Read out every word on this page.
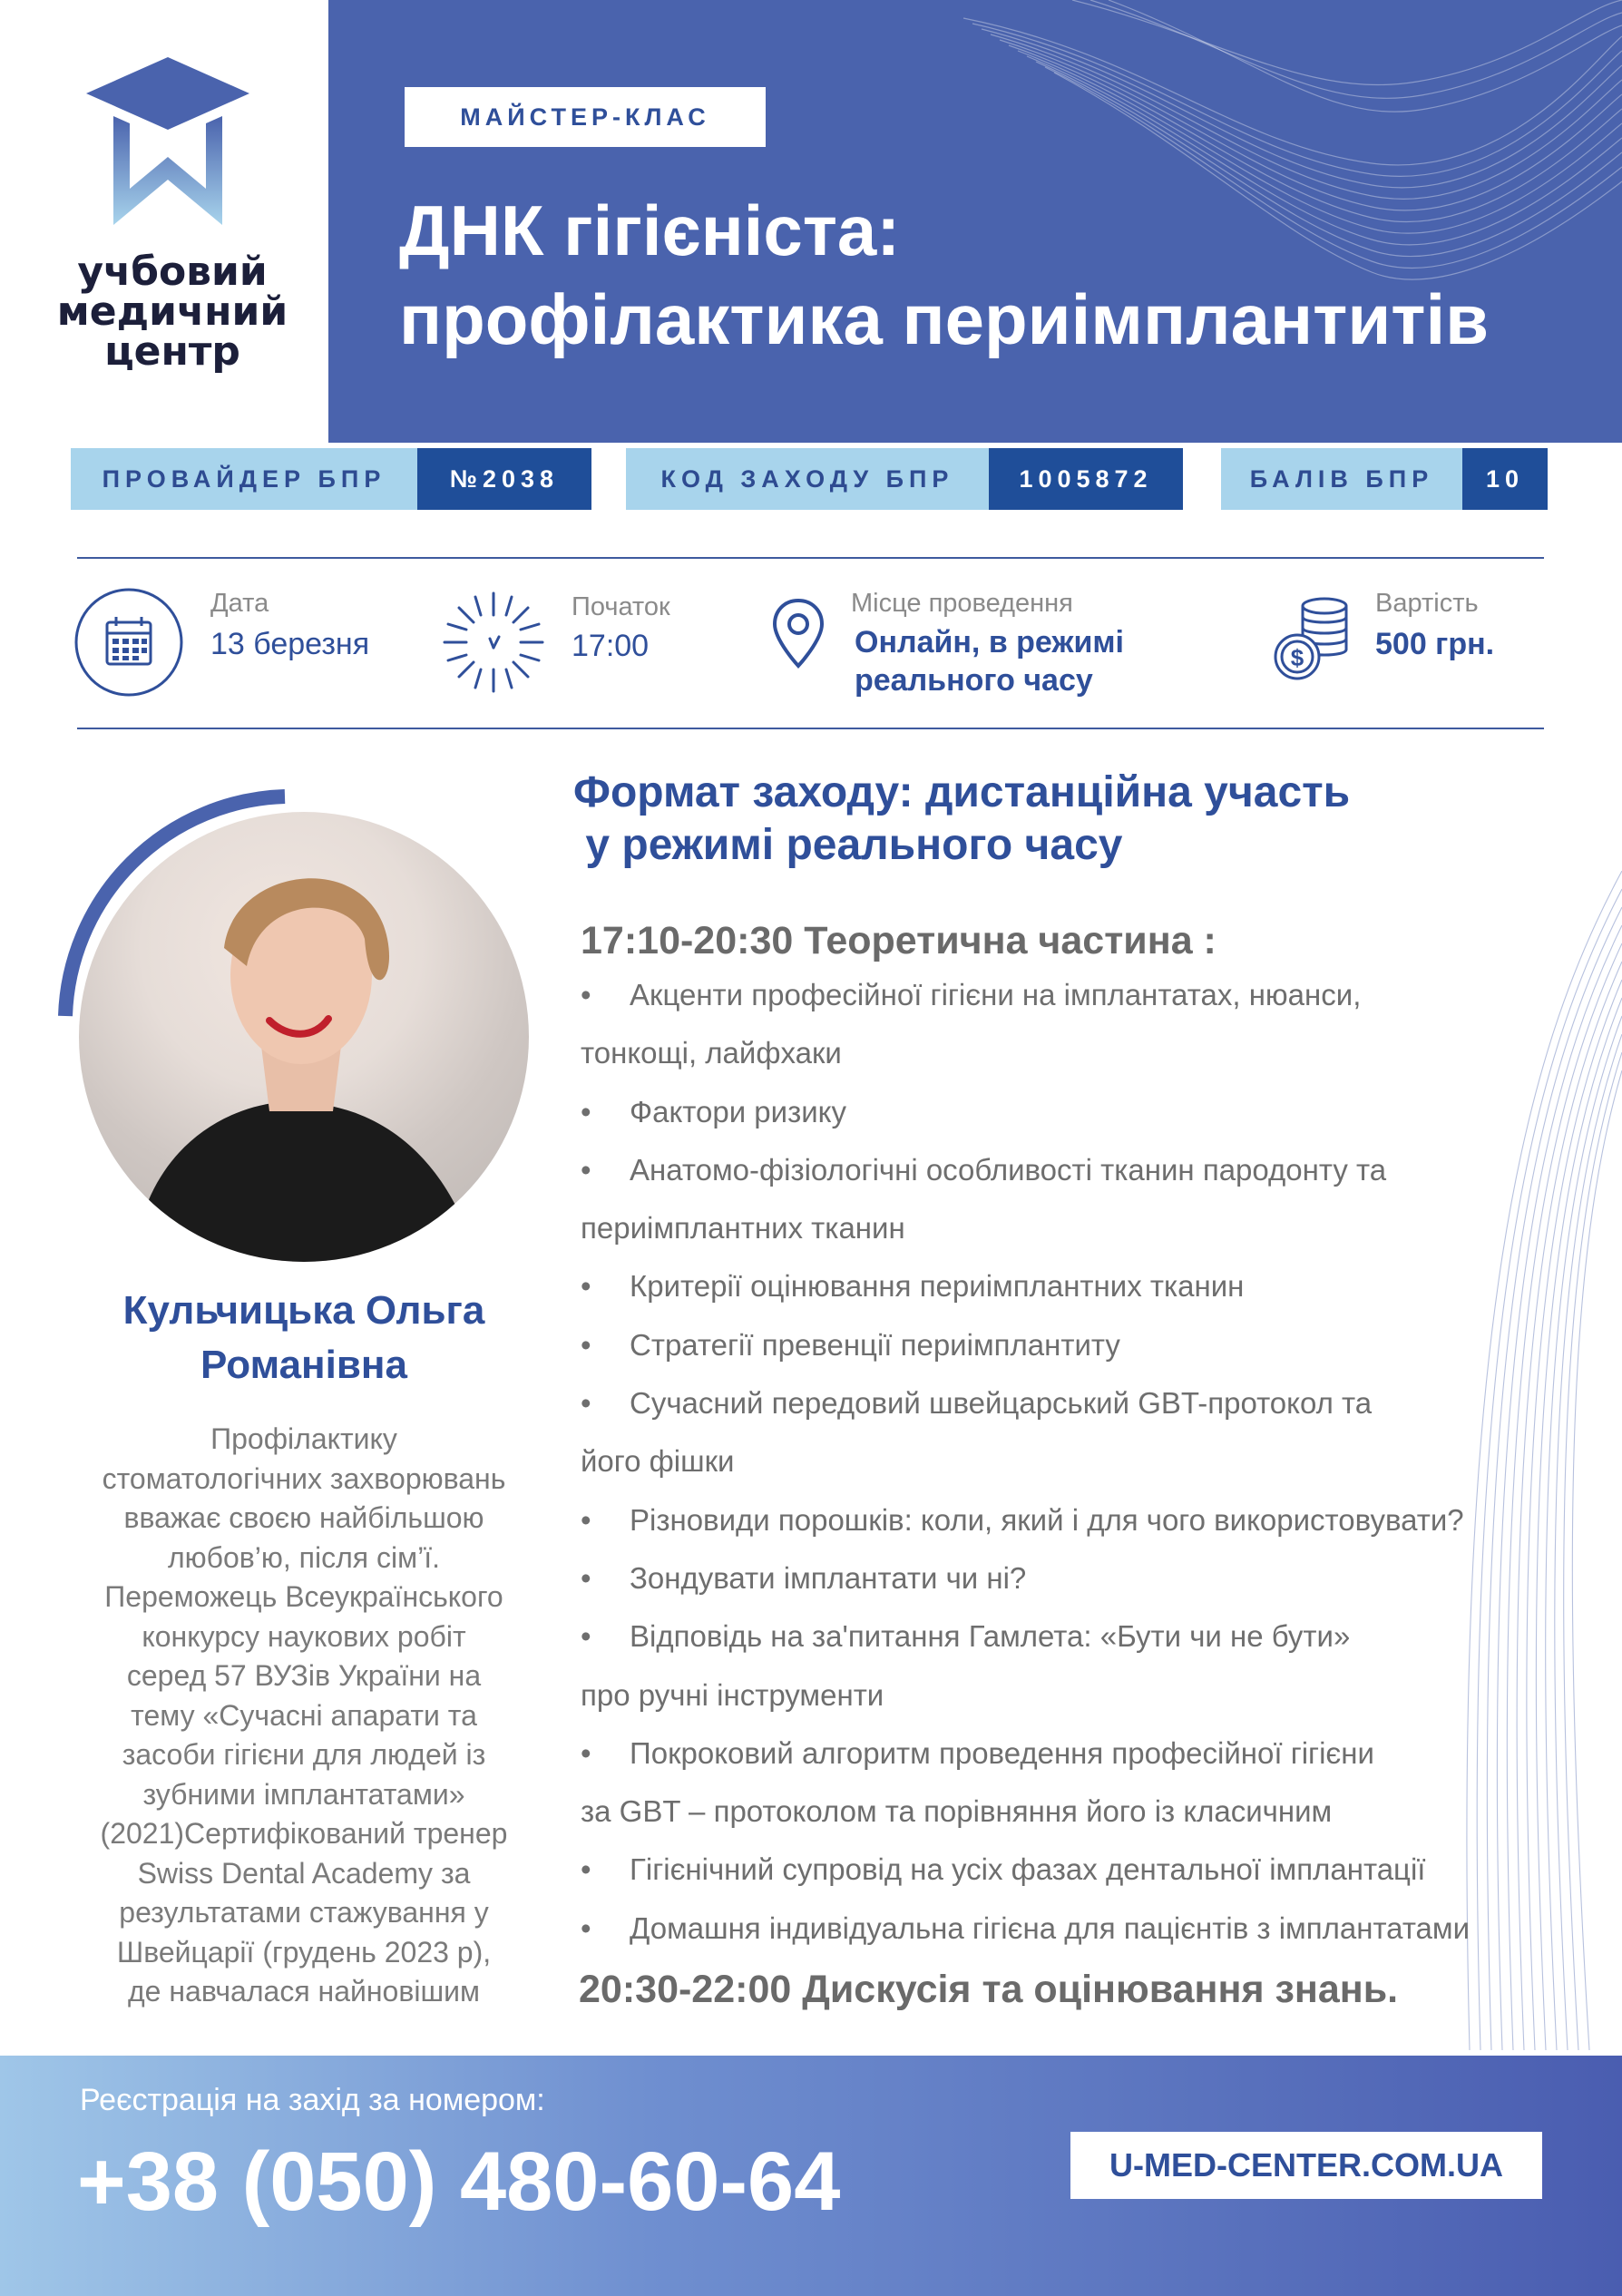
учбовий
медичний
центр
МАЙСТЕР-КЛАС
ДНК гігієніста:
профілактика периімплантитів
ПРОВАЙДЕР БПР	№2038	КОД ЗАХОДУ БПР	1005872	БАЛІВ БПР	10
Дата
13 березня
Початок
17:00
Місце проведення
Онлайн, в режимі
реального часу
$
Вартість
500 грн.
Кульчицька Ольга
Романівна
Профілактику
стоматологічних захворювань
вважає своєю найбільшою
любов’ю, після сім’ї.
Переможець Всеукраїнського
конкурсу наукових робіт
серед 57 ВУЗів України на
тему «Сучасні апарати та
засоби гігієни для людей із
зубними імплантатами»
(2021)Сертифікований тренер
Swiss Dental Academy за
результатами стажування у
Швейцарії (грудень 2023 р),
де навчалася найновішим
Формат заходу: дистанційна участь
у режимі реального часу
17:10-20:30 Теоретична частина :
• Акценти професійної гігієни на імплантатах, нюанси,
тонкощі, лайфхаки
• Фактори ризику
• Анатомо-фізіологічні особливості тканин пародонту та
периімплантних тканин
• Критерії оцінювання периімплантних тканин
• Стратегії превенції периімплантиту
• Сучасний передовий швейцарський GBT-протокол та
його фішки
• Різновиди порошків: коли, який і для чого використовувати?
• Зондувати імплантати чи ні?
• Відповідь на за'питання Гамлета: «Бути чи не бути»
про ручні інструменти
• Покроковий алгоритм проведення професійної гігієни
за GBT – протоколом та порівняння його із класичним
• Гігієнічний супровід на усіх фазах дентальної імплантації
• Домашня індивідуальна гігієна для пацієнтів з імплантатами
20:30-22:00 Дискусія та оцінювання знань.
Реєстрація на захід за номером:
+38 (050) 480-60-64	U-MED-CENTER.COM.UA
